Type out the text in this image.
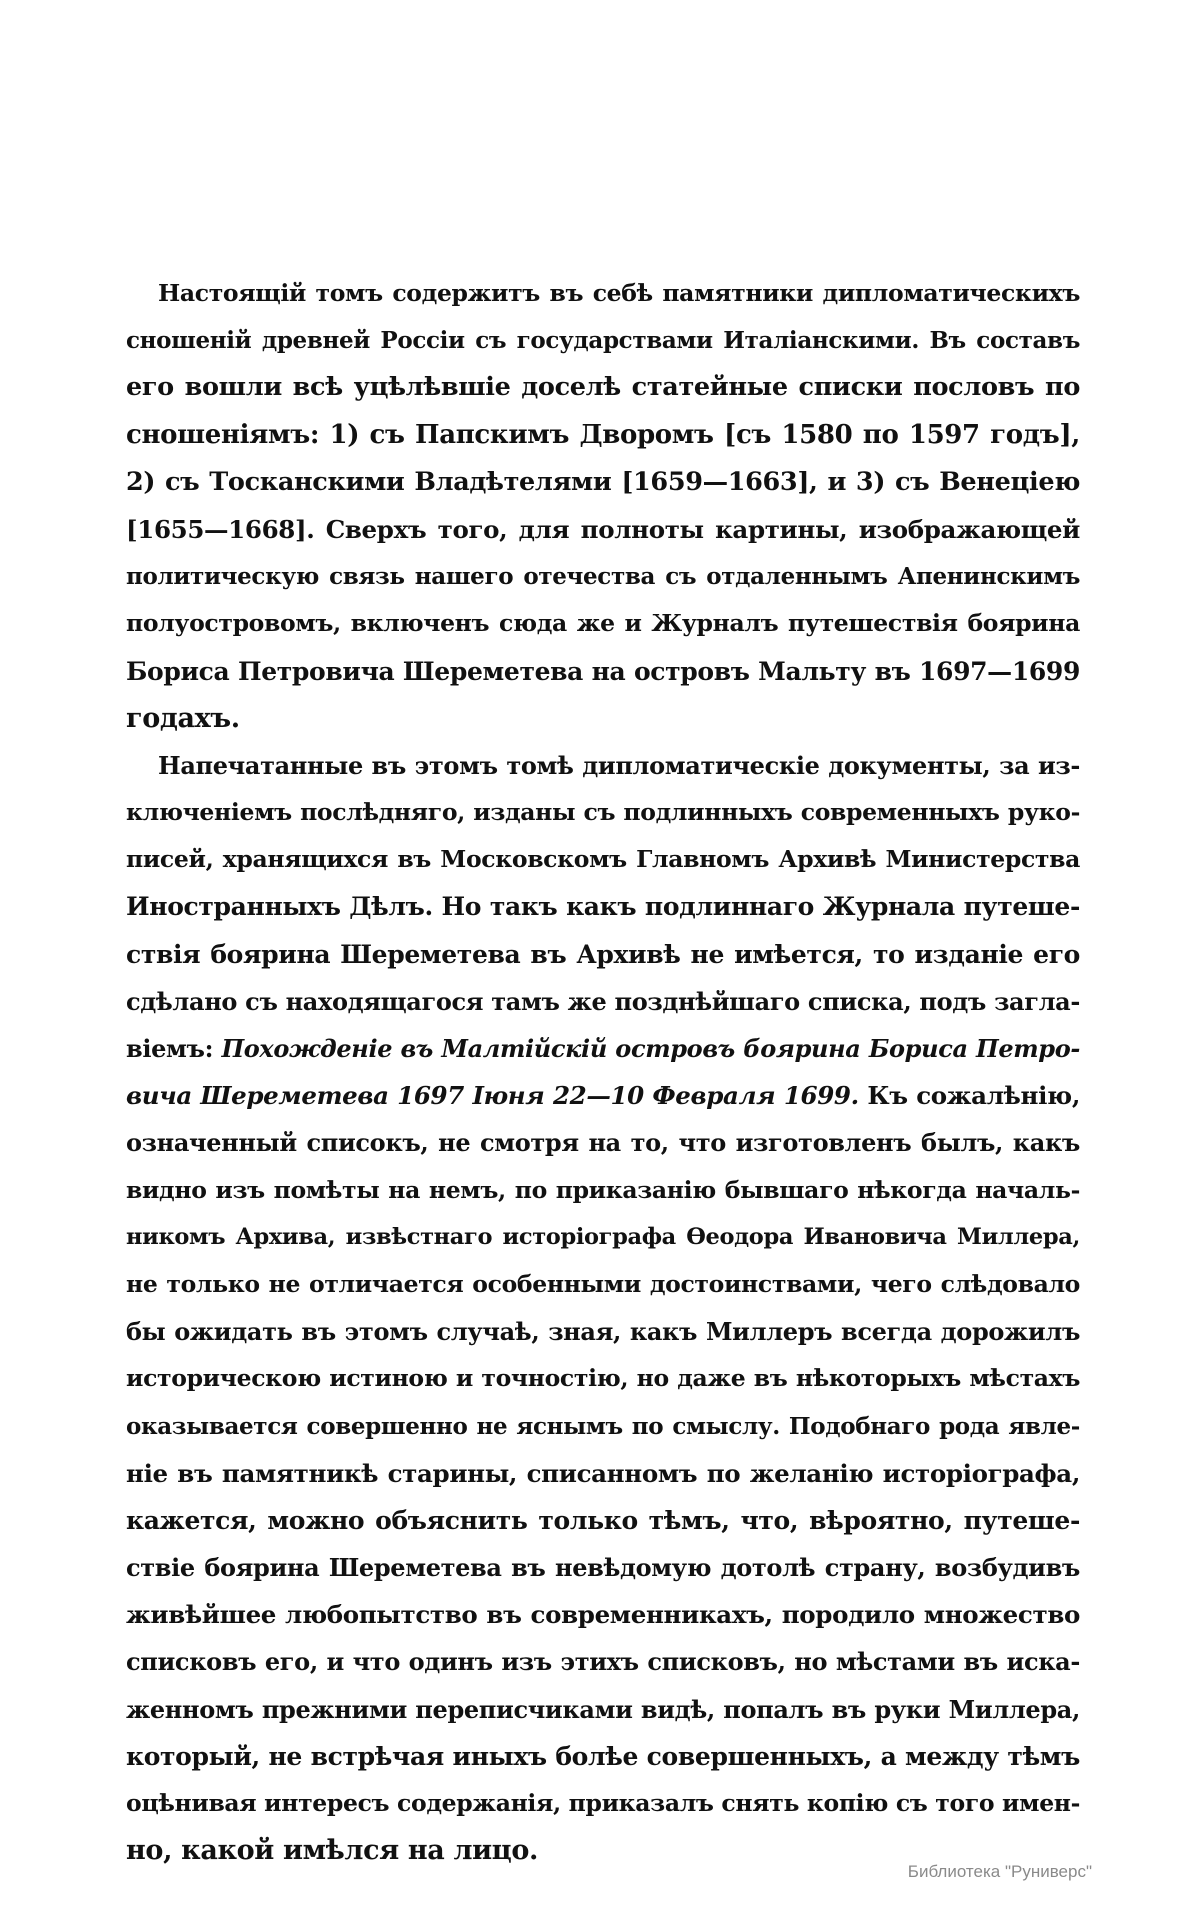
Настоящій томъ содержитъ въ себѣ памятники дипломатическихъ
сношеній древней Россіи съ государствами Италіанскими. Въ составъ
его вошли всѣ уцѣлѣвшіе доселѣ статейные списки пословъ по
сношеніямъ: 1) съ Папскимъ Дворомъ [съ 1580 по 1597 годъ],
2) съ Тосканскими Владѣтелями [1659—1663], и 3) съ Венеціею
[1655—1668]. Сверхъ того, для полноты картины, изображающей
политическую связь нашего отечества съ отдаленнымъ Апенинскимъ
полуостровомъ, включенъ сюда же и Журналъ путешествія боярина
Бориса Петровича Шереметева на островъ Мальту въ 1697—1699
годахъ.
Напечатанные въ этомъ томѣ дипломатическіе документы, за из-
ключеніемъ послѣдняго, изданы съ подлинныхъ современныхъ руко-
писей, хранящихся въ Московскомъ Главномъ Архивѣ Министерства
Иностранныхъ Дѣлъ. Но такъ какъ подлиннаго Журнала путеше-
ствія боярина Шереметева въ Архивѣ не имѣется, то изданіе его
сдѣлано съ находящагося тамъ же позднѣйшаго списка, подъ загла-
віемъ: Похожденіе въ Малтійскій островъ боярина Бориса Петро-
вича Шереметева 1697 Іюня 22—10 Февраля 1699. Къ сожалѣнію,
означенный списокъ, не смотря на то, что изготовленъ былъ, какъ
видно изъ помѣты на немъ, по приказанію бывшаго нѣкогда началь-
никомъ Архива, извѣстнаго исторіографа Ѳеодора Ивановича Миллера,
не только не отличается особенными достоинствами, чего слѣдовало
бы ожидать въ этомъ случаѣ, зная, какъ Миллеръ всегда дорожилъ
историческою истиною и точностію, но даже въ нѣкоторыхъ мѣстахъ
оказывается совершенно не яснымъ по смыслу. Подобнаго рода явле-
ніе въ памятникѣ старины, списанномъ по желанію исторіографа,
кажется, можно объяснить только тѣмъ, что, вѣроятно, путеше-
ствіе боярина Шереметева въ невѣдомую дотолѣ страну, возбудивъ
живѣйшее любопытство въ современникахъ, породило множество
списковъ его, и что одинъ изъ этихъ списковъ, но мѣстами въ иска-
женномъ прежними переписчиками видѣ, попалъ въ руки Миллера,
который, не встрѣчая иныхъ болѣе совершенныхъ, а между тѣмъ
оцѣнивая интересъ содержанія, приказалъ снять копію съ того имен-
но, какой имѣлся на лицо.
Библиотека "Руниверс"
